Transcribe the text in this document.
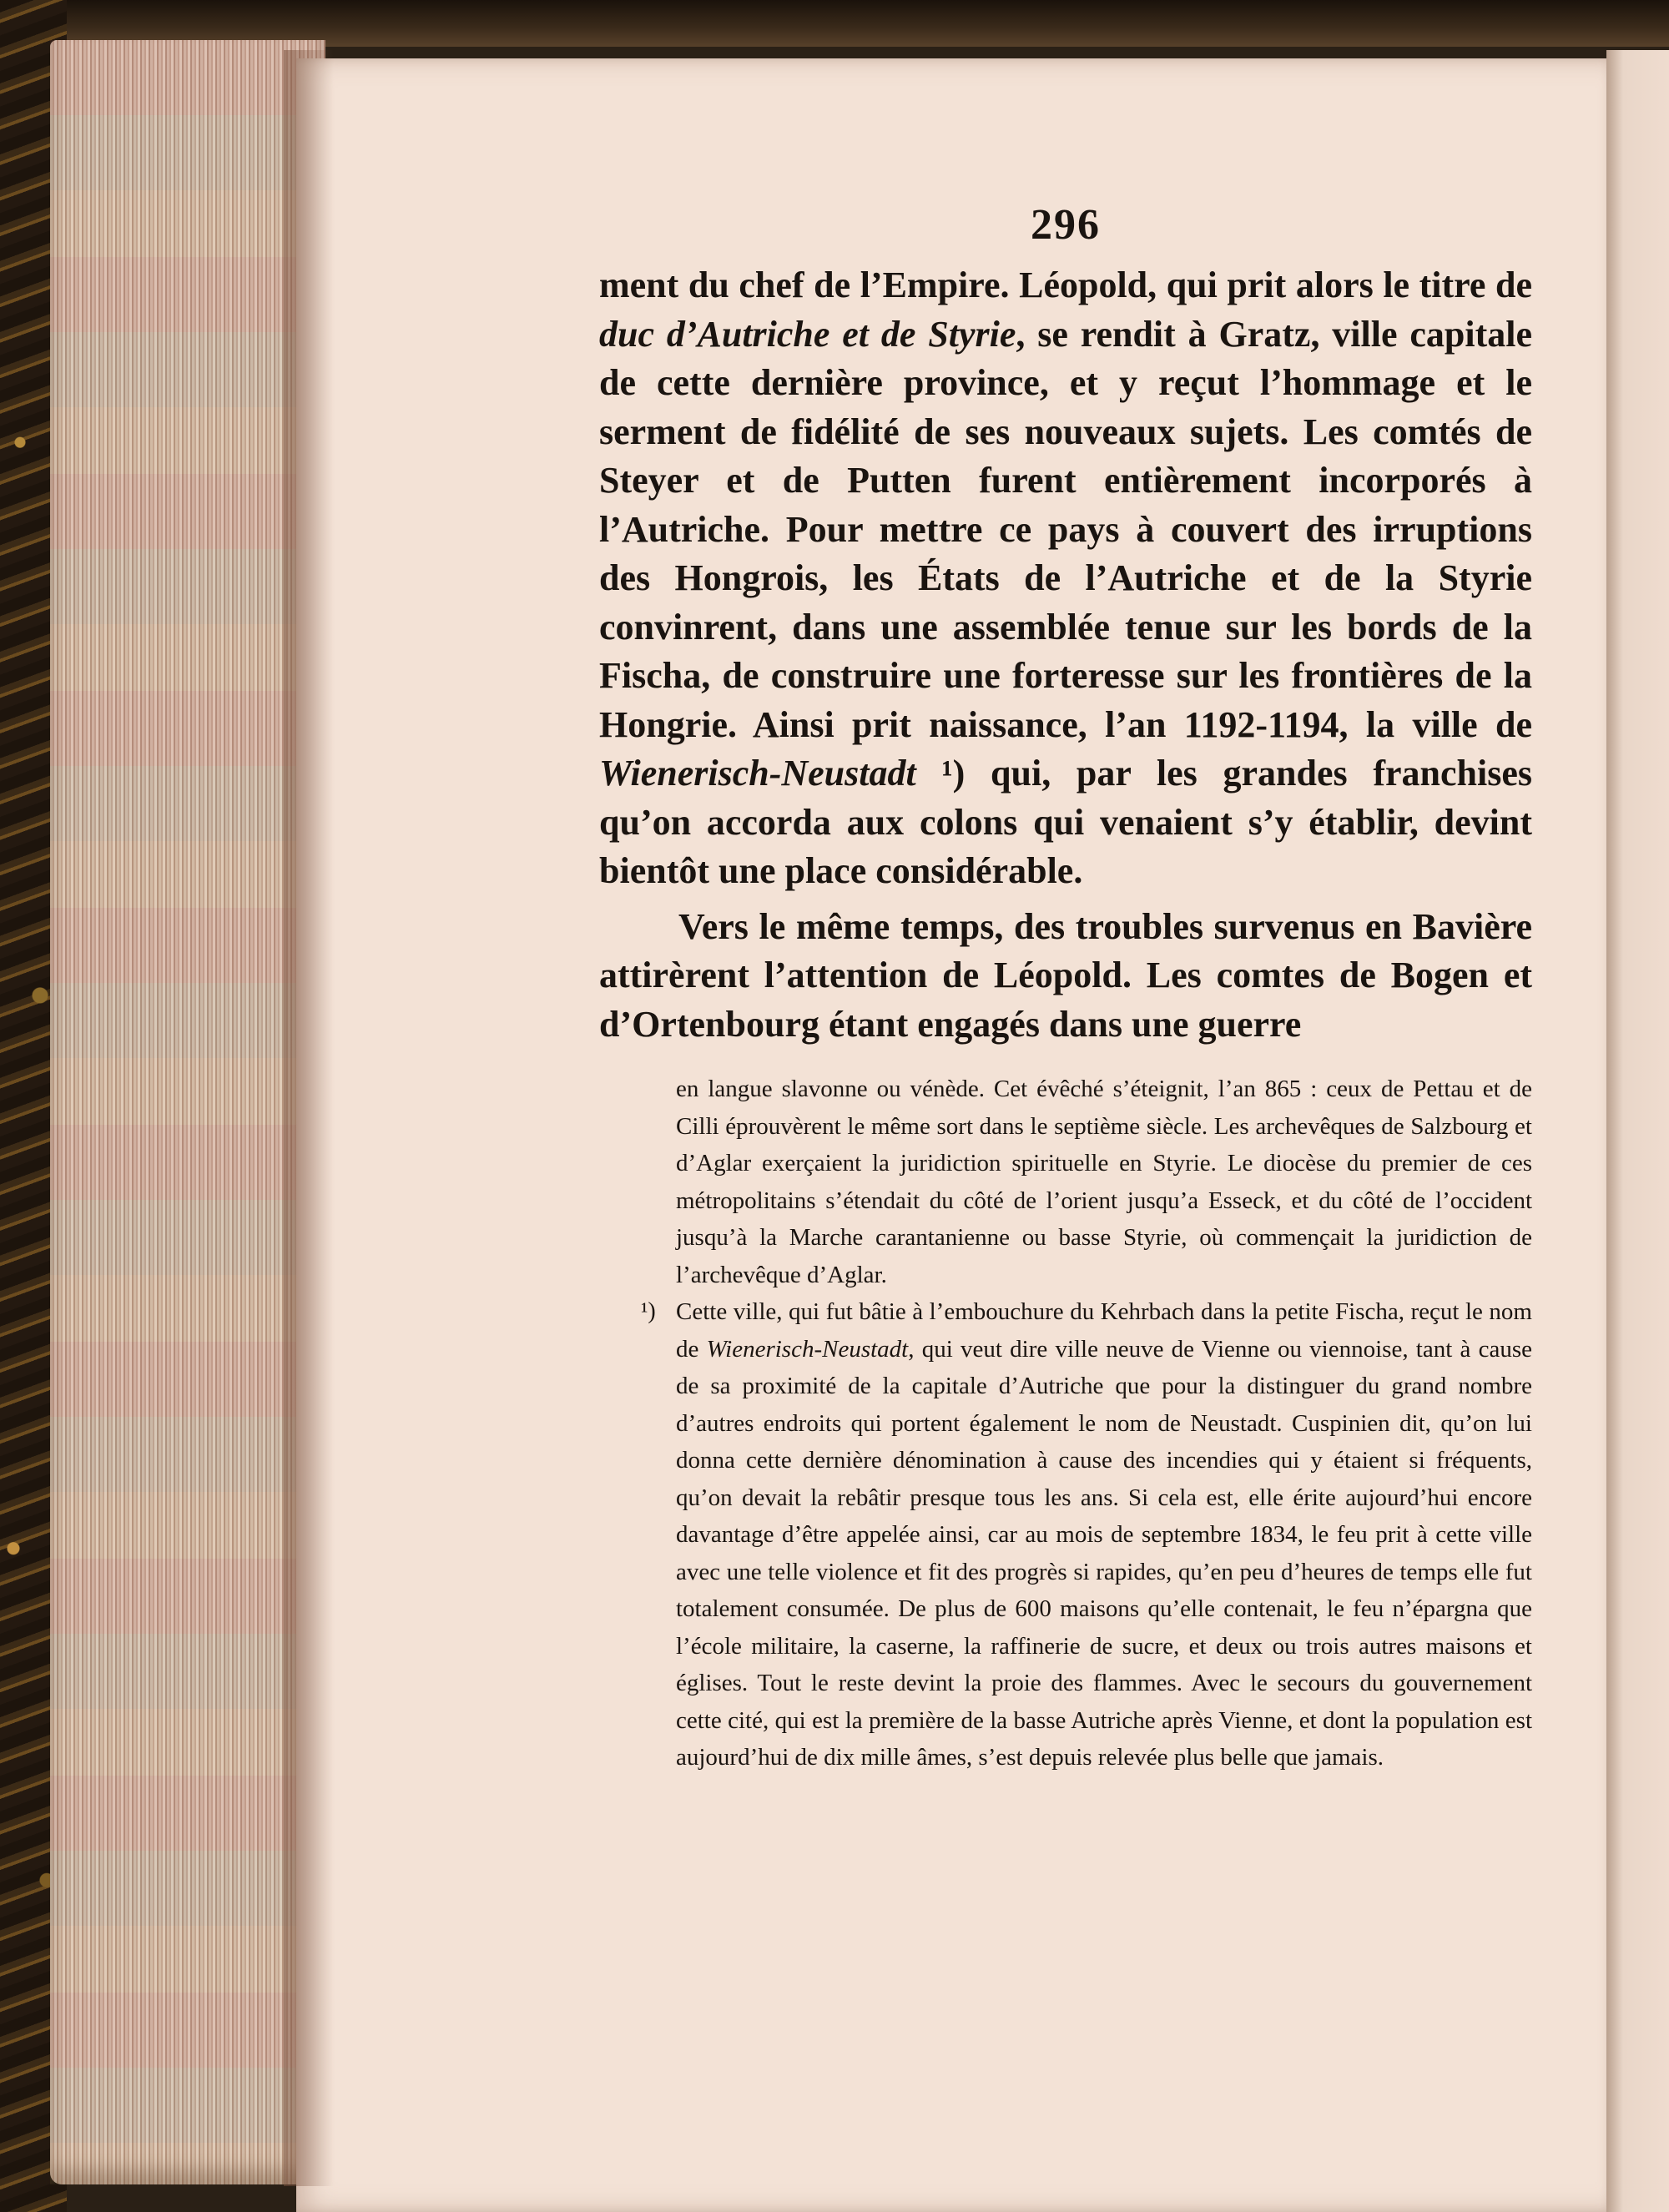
296

ment du chef de l’Empire. Léopold, qui prit alors le titre de duc d’Autriche et de Styrie, se rendit à Gratz, ville capitale de cette dernière province, et y reçut l’hommage et le serment de fidélité de ses nouveaux sujets. Les comtés de Steyer et de Putten furent entièrement incorporés à l’Autriche. Pour mettre ce pays à couvert des irruptions des Hongrois, les États de l’Autriche et de la Styrie convinrent, dans une assemblée tenue sur les bords de la Fischa, de construire une forteresse sur les frontières de la Hongrie. Ainsi prit naissance, l’an 1192-1194, la ville de Wienerisch-Neustadt ¹) qui, par les grandes franchises qu’on accorda aux colons qui venaient s’y établir, devint bientôt une place considérable.

Vers le même temps, des troubles survenus en Bavière attirèrent l’attention de Léopold. Les comtes de Bogen et d’Ortenbourg étant engagés dans une guerre

en langue slavonne ou vénède. Cet évêché s’éteignit, l’an 865 : ceux de Pettau et de Cilli éprouvèrent le même sort dans le septième siècle. Les archevêques de Salzbourg et d’Aglar exerçaient la juridiction spirituelle en Styrie. Le diocèse du premier de ces métropolitains s’étendait du côté de l’orient jusqu’a Esseck, et du côté de l’occident jusqu’à la Marche carantanienne ou basse Styrie, où commençait la juridiction de l’archevêque d’Aglar.

¹) Cette ville, qui fut bâtie à l’embouchure du Kehrbach dans la petite Fischa, reçut le nom de Wienerisch-Neustadt, qui veut dire ville neuve de Vienne ou viennoise, tant à cause de sa proximité de la capitale d’Autriche que pour la distinguer du grand nombre d’autres endroits qui portent également le nom de Neustadt. Cuspinien dit, qu’on lui donna cette dernière dénomination à cause des incendies qui y étaient si fréquents, qu’on devait la rebâtir presque tous les ans. Si cela est, elle érite aujourd’hui encore davantage d’être appelée ainsi, car au mois de septembre 1834, le feu prit à cette ville avec une telle violence et fit des progrès si rapides, qu’en peu d’heures de temps elle fut totalement consumée. De plus de 600 maisons qu’elle contenait, le feu n’épargna que l’école militaire, la caserne, la raffinerie de sucre, et deux ou trois autres maisons et églises. Tout le reste devint la proie des flammes. Avec le secours du gouvernement cette cité, qui est la première de la basse Autriche après Vienne, et dont la population est aujourd’hui de dix mille âmes, s’est depuis relevée plus belle que jamais.
